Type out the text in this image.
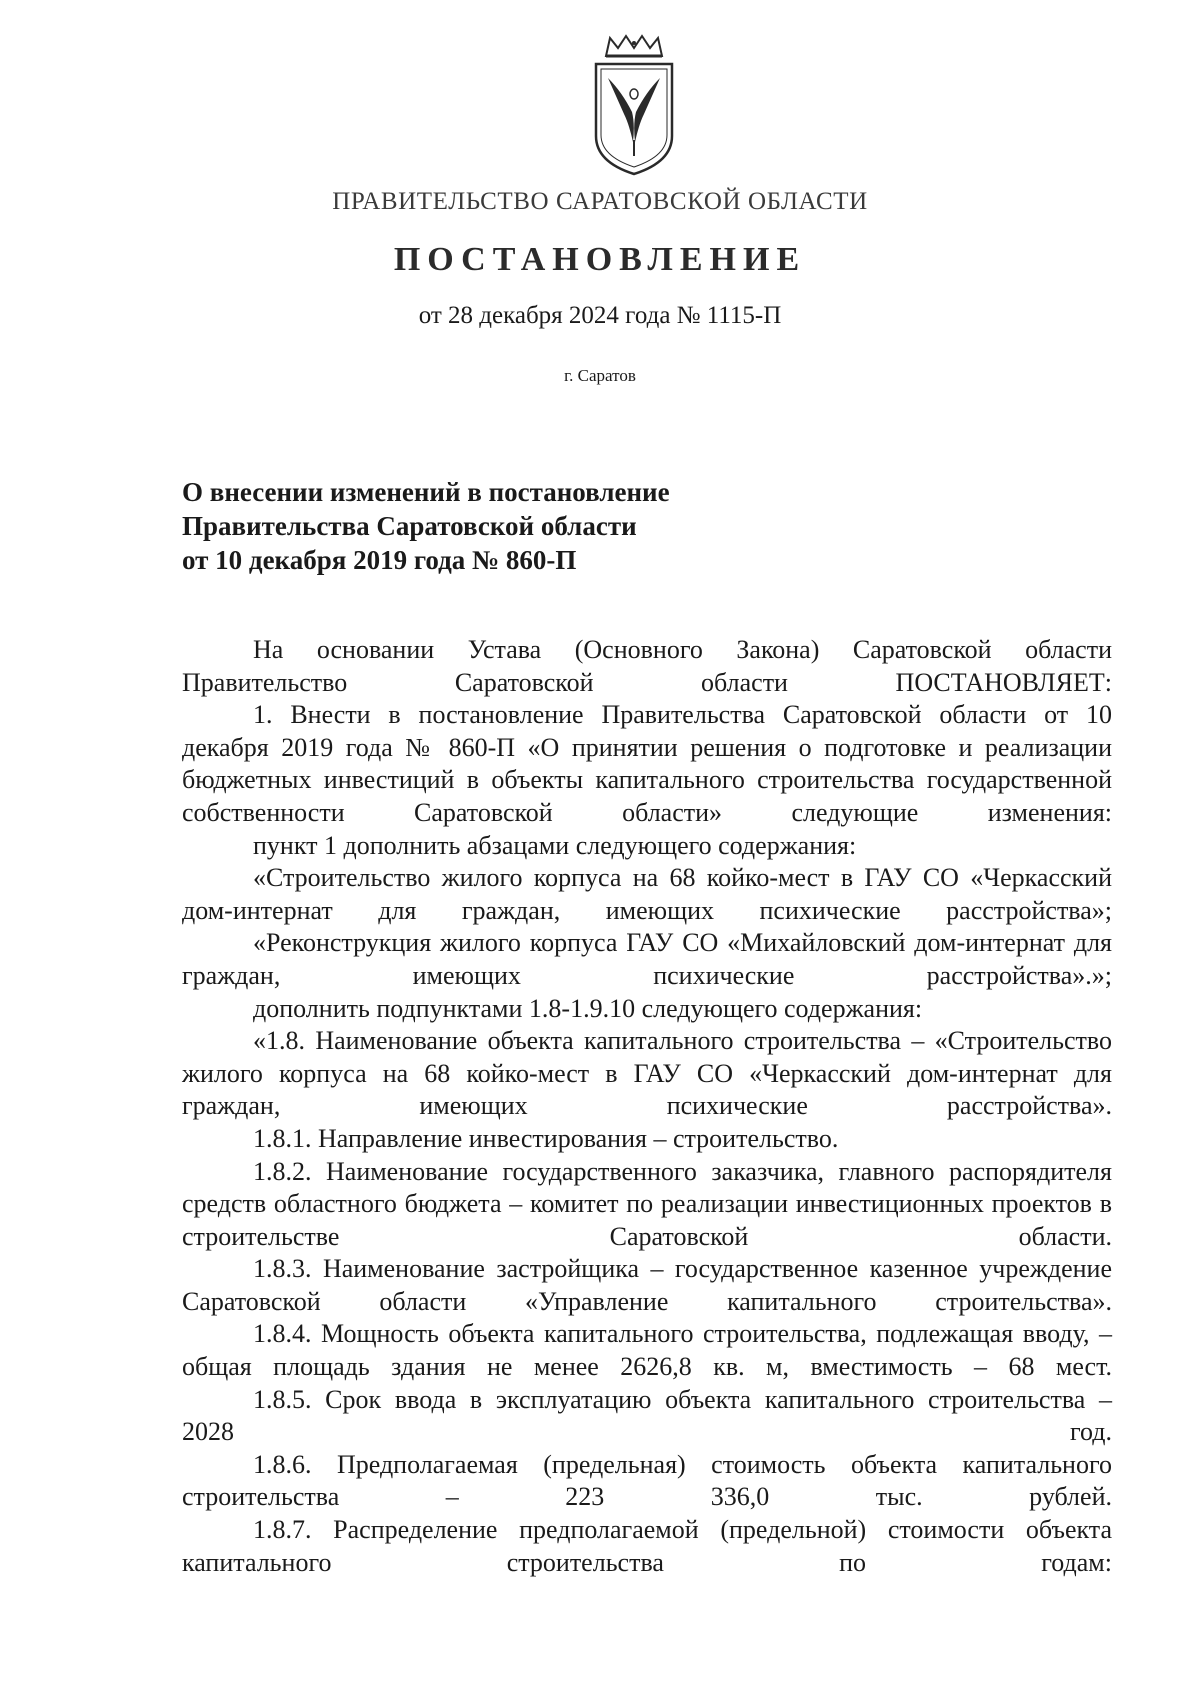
ПРАВИТЕЛЬСТВО САРАТОВСКОЙ ОБЛАСТИ
ПОСТАНОВЛЕНИЕ
от 28 декабря 2024 года № 1115-П
г. Саратов
О внесении изменений в постановление
Правительства Саратовской области
от 10 декабря 2019 года № 860-П

На основании Устава (Основного Закона) Саратовской области Правительство Саратовской области ПОСТАНОВЛЯЕТ:

1. Внести в постановление Правительства Саратовской области от 10 декабря 2019 года № 860-П «О принятии решения о подготовке и реализации бюджетных инвестиций в объекты капитального строительства государственной собственности Саратовской области» следующие изменения:

пункт 1 дополнить абзацами следующего содержания:

«Строительство жилого корпуса на 68 койко-мест в ГАУ СО «Черкасский дом-интернат для граждан, имеющих психические расстройства»;

«Реконструкция жилого корпуса ГАУ СО «Михайловский дом-интернат для граждан, имеющих психические расстройства».»;

дополнить подпунктами 1.8-1.9.10 следующего содержания:

«1.8. Наименование объекта капитального строительства – «Строительство жилого корпуса на 68 койко-мест в ГАУ СО «Черкасский дом-интернат для граждан, имеющих психические расстройства».

1.8.1. Направление инвестирования – строительство.

1.8.2. Наименование государственного заказчика, главного распорядителя средств областного бюджета – комитет по реализации инвестиционных проектов в строительстве Саратовской области.

1.8.3. Наименование застройщика – государственное казенное учреждение Саратовской области «Управление капитального строительства».

1.8.4. Мощность объекта капитального строительства, подлежащая вводу, – общая площадь здания не менее 2626,8 кв. м, вместимость – 68 мест.

1.8.5. Срок ввода в эксплуатацию объекта капитального строительства – 2028 год.

1.8.6. Предполагаемая (предельная) стоимость объекта капитального строительства – 223 336,0 тыс. рублей.

1.8.7. Распределение предполагаемой (предельной) стоимости объекта капитального строительства по годам:
